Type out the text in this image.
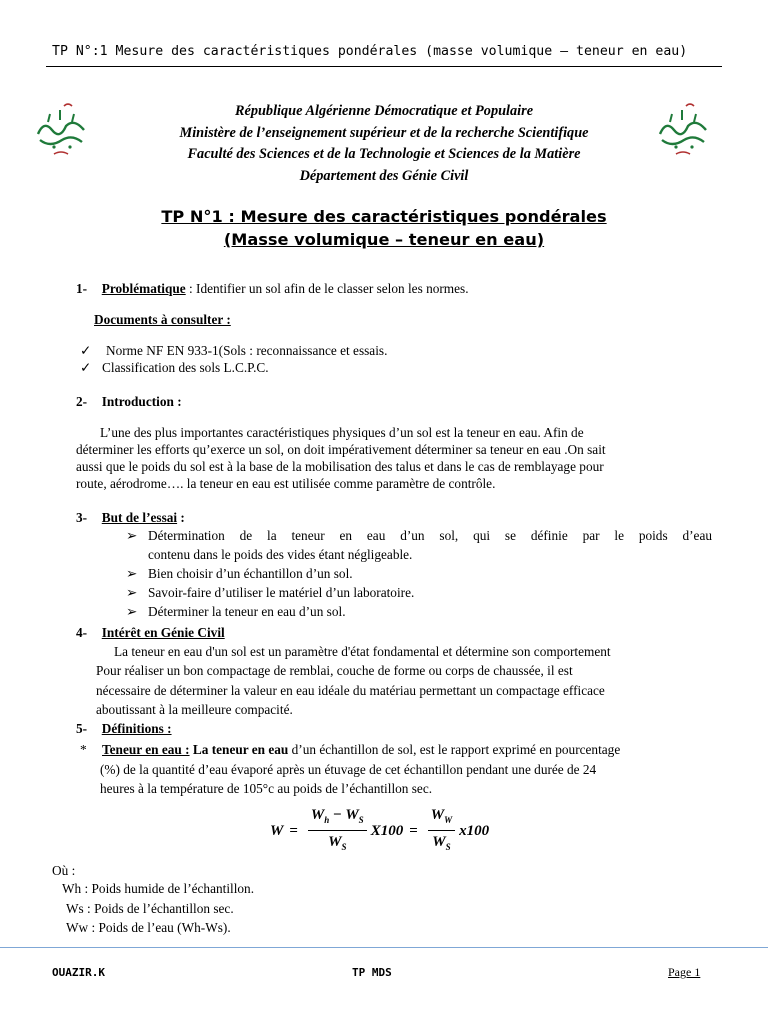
TP N°:1 Mesure des caractéristiques pondérales (masse volumique – teneur en eau)
République Algérienne Démocratique et Populaire
Ministère de l’enseignement supérieur et de la recherche Scientifique
Faculté des Sciences et de la Technologie et Sciences de la Matière
Département des Génie Civil
TP N°1 : Mesure des caractéristiques pondérales
(Masse volumique – teneur en eau)
1- Problématique : Identifier un sol afin de le classer selon les normes.
Documents à consulter :
✓ Norme NF EN 933-1(Sols : reconnaissance et essais.
✓ Classification des sols L.C.P.C.
2- Introduction :
L’une des plus importantes caractéristiques physiques d’un sol est la teneur en eau. Afin de
déterminer les efforts qu’exerce un sol, on doit impérativement déterminer sa teneur en eau .On sait
aussi que le poids du sol est à la base de la mobilisation des talus et dans le cas de remblayage pour
route, aérodrome…. la teneur en eau est utilisée comme paramètre de contrôle.
3- But de l’essai :
➢ Détermination de la teneur en eau d’un sol, qui se définie par le poids d’eau
contenu dans le poids des vides étant négligeable.
➢ Bien choisir d’un échantillon d’un sol.
➢ Savoir-faire d’utiliser le matériel d’un laboratoire.
➢ Déterminer la teneur en eau d’un sol.
4- Intérêt en Génie Civil
La teneur en eau d'un sol est un paramètre d'état fondamental et détermine son comportement
Pour réaliser un bon compactage de remblai, couche de forme ou corps de chaussée, il est
nécessaire de déterminer la valeur en eau idéale du matériau permettant un compactage efficace
aboutissant à la meilleure compacité.
5- Définitions :
* Teneur en eau : La teneur en eau d’un échantillon de sol, est le rapport exprimé en pourcentage
(%) de la quantité d’eau évaporé après un étuvage de cet échantillon pendant une durée de 24
heures à la température de 105°c au poids de l’échantillon sec.
$W = \frac{W_h - W_S}{W_S} X100 = \frac{W_W}{W_S} x100$
Où :
Wh : Poids humide de l’échantillon.
Ws : Poids de l’échantillon sec.
Ww : Poids de l’eau (Wh-Ws).
OUAZIR.K	TP MDS	Page 1
